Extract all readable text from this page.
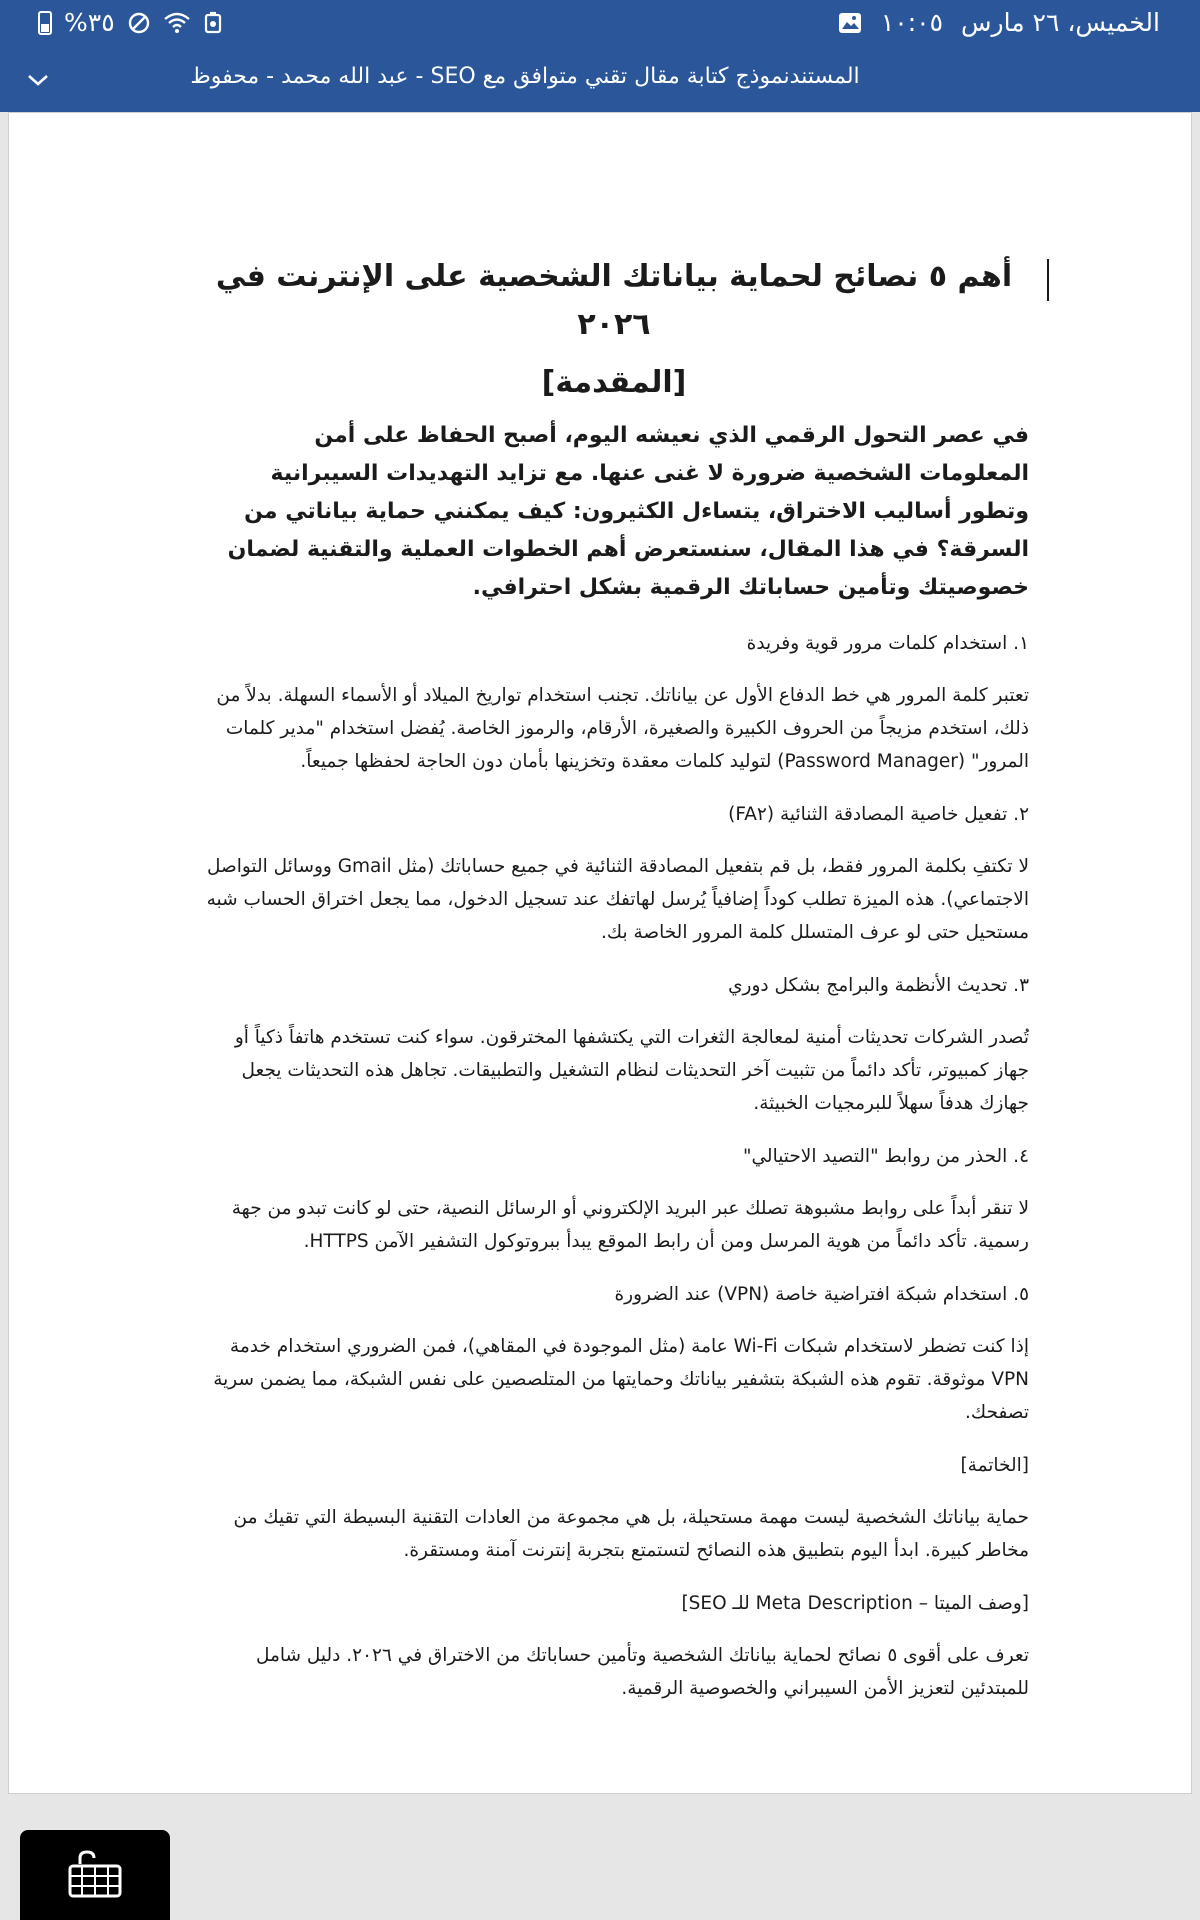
%٣٥	الخميس، ٢٦ مارس
١٠:٠٥
المستندنموذج كتابة مقال تقني متوافق مع SEO - عبد الله محمد - محفوظ
أهم ٥ نصائح لحماية بياناتك الشخصية على الإنترنت في ٢٠٢٦
[المقدمة]

في عصر التحول الرقمي الذي نعيشه اليوم، أصبح الحفاظ على أمن المعلومات الشخصية ضرورة لا غنى عنها. مع تزايد التهديدات السيبرانية وتطور أساليب الاختراق، يتساءل الكثيرون: كيف يمكنني حماية بياناتي من السرقة؟ في هذا المقال، سنستعرض أهم الخطوات العملية والتقنية لضمان خصوصيتك وتأمين حساباتك الرقمية بشكل احترافي.

١. استخدام كلمات مرور قوية وفريدة

تعتبر كلمة المرور هي خط الدفاع الأول عن بياناتك. تجنب استخدام تواريخ الميلاد أو الأسماء السهلة. بدلاً من ذلك، استخدم مزيجاً من الحروف الكبيرة والصغيرة، الأرقام، والرموز الخاصة. يُفضل استخدام "مدير كلمات المرور" (Password Manager) لتوليد كلمات معقدة وتخزينها بأمان دون الحاجة لحفظها جميعاً.

٢. تفعيل خاصية المصادقة الثنائية (FA٢)

لا تكتفِ بكلمة المرور فقط، بل قم بتفعيل المصادقة الثنائية في جميع حساباتك (مثل Gmail ووسائل التواصل الاجتماعي). هذه الميزة تطلب كوداً إضافياً يُرسل لهاتفك عند تسجيل الدخول، مما يجعل اختراق الحساب شبه مستحيل حتى لو عرف المتسلل كلمة المرور الخاصة بك.

٣. تحديث الأنظمة والبرامج بشكل دوري

تُصدر الشركات تحديثات أمنية لمعالجة الثغرات التي يكتشفها المخترقون. سواء كنت تستخدم هاتفاً ذكياً أو جهاز كمبيوتر، تأكد دائماً من تثبيت آخر التحديثات لنظام التشغيل والتطبيقات. تجاهل هذه التحديثات يجعل جهازك هدفاً سهلاً للبرمجيات الخبيثة.

٤. الحذر من روابط "التصيد الاحتيالي"

لا تنقر أبداً على روابط مشبوهة تصلك عبر البريد الإلكتروني أو الرسائل النصية، حتى لو كانت تبدو من جهة رسمية. تأكد دائماً من هوية المرسل ومن أن رابط الموقع يبدأ ببروتوكول التشفير الآمن HTTPS.

٥. استخدام شبكة افتراضية خاصة (VPN) عند الضرورة

إذا كنت تضطر لاستخدام شبكات Wi-Fi عامة (مثل الموجودة في المقاهي)، فمن الضروري استخدام خدمة VPN موثوقة. تقوم هذه الشبكة بتشفير بياناتك وحمايتها من المتلصصين على نفس الشبكة، مما يضمن سرية تصفحك.

[الخاتمة]

حماية بياناتك الشخصية ليست مهمة مستحيلة، بل هي مجموعة من العادات التقنية البسيطة التي تقيك من مخاطر كبيرة. ابدأ اليوم بتطبيق هذه النصائح لتستمتع بتجربة إنترنت آمنة ومستقرة.

[وصف الميتا – Meta Description للـ SEO]

تعرف على أقوى ٥ نصائح لحماية بياناتك الشخصية وتأمين حساباتك من الاختراق في ٢٠٢٦. دليل شامل للمبتدئين لتعزيز الأمن السيبراني والخصوصية الرقمية.
